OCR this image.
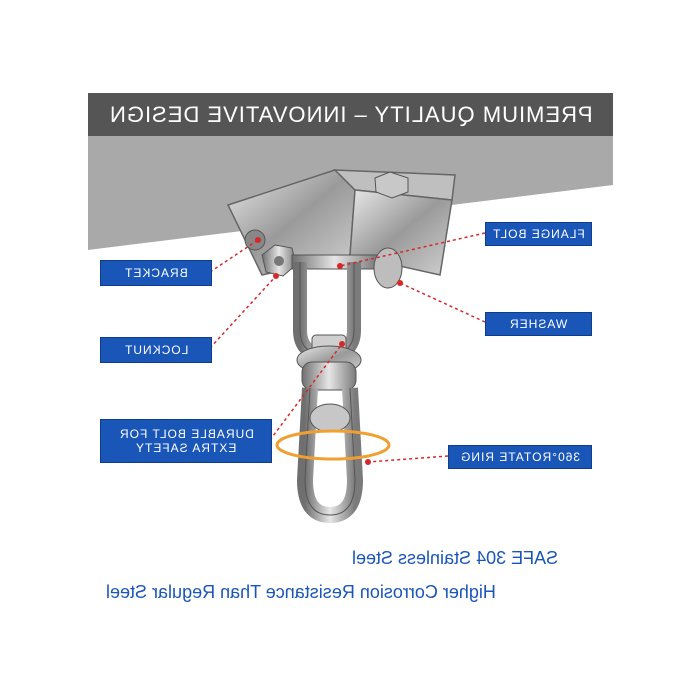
PREMIUM QUALITY – INNOVATIVE DESIGN
FLANGE BOLT
BRACKET
WASHER
LOCKNUT
DURABLE BOLT FOR
EXTRA SAFETY
360°ROTATE RING
SAFE 304 Stainless Steel
Higher Corrosion Resistance Than Regular Steel
